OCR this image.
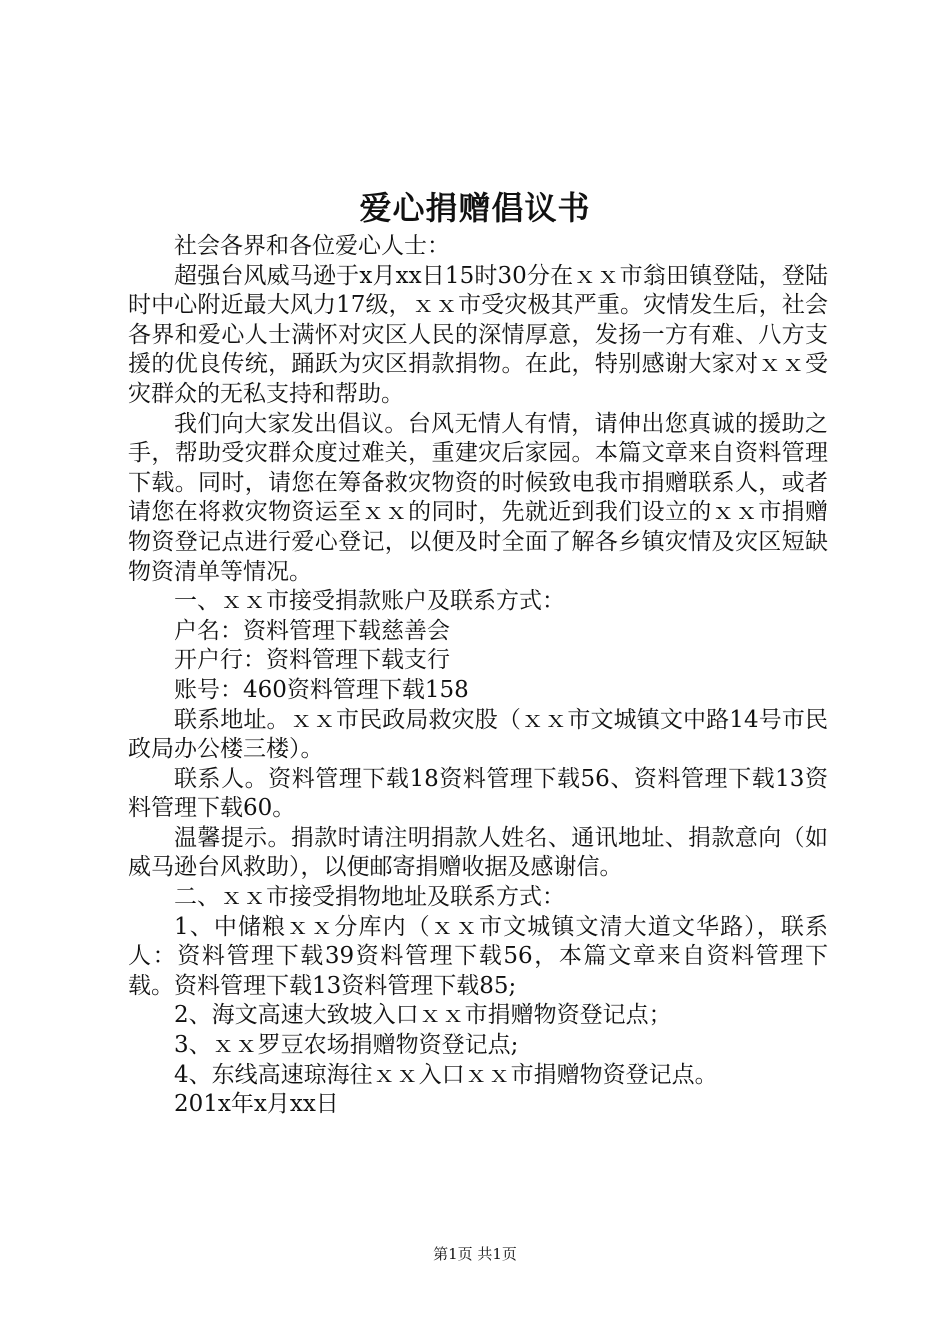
爱心捐赠倡议书

社会各界和各位爱心人士：

超强台风威马逊于x月xx日15时30分在ｘｘ市翁田镇登陆，登陆时中心附近最大风力17级，ｘｘ市受灾极其严重。灾情发生后，社会各界和爱心人士满怀对灾区人民的深情厚意，发扬一方有难、八方支援的优良传统，踊跃为灾区捐款捐物。在此，特别感谢大家对ｘｘ受灾群众的无私支持和帮助。

我们向大家发出倡议。台风无情人有情，请伸出您真诚的援助之手，帮助受灾群众度过难关，重建灾后家园。本篇文章来自资料管理下载。同时，请您在筹备救灾物资的时候致电我市捐赠联系人，或者请您在将救灾物资运至ｘｘ的同时，先就近到我们设立的ｘｘ市捐赠物资登记点进行爱心登记，以便及时全面了解各乡镇灾情及灾区短缺物资清单等情况。

一、ｘｘ市接受捐款账户及联系方式：

户名：资料管理下载慈善会

开户行：资料管理下载支行

账号：460资料管理下载158

联系地址。ｘｘ市民政局救灾股（ｘｘ市文城镇文中路14号市民政局办公楼三楼）。

联系人。资料管理下载18资料管理下载56、资料管理下载13资料管理下载60。

温馨提示。捐款时请注明捐款人姓名、通讯地址、捐款意向（如威马逊台风救助），以便邮寄捐赠收据及感谢信。

二、ｘｘ市接受捐物地址及联系方式：

1、中储粮ｘｘ分库内（ｘｘ市文城镇文清大道文华路），联系人：资料管理下载39资料管理下载56，本篇文章来自资料管理下载。资料管理下载13资料管理下载85;

2、海文高速大致坡入口ｘｘ市捐赠物资登记点；

3、ｘｘ罗豆农场捐赠物资登记点;

4、东线高速琼海往ｘｘ入口ｘｘ市捐赠物资登记点。

201x年x月xx日

第1页 共1页
